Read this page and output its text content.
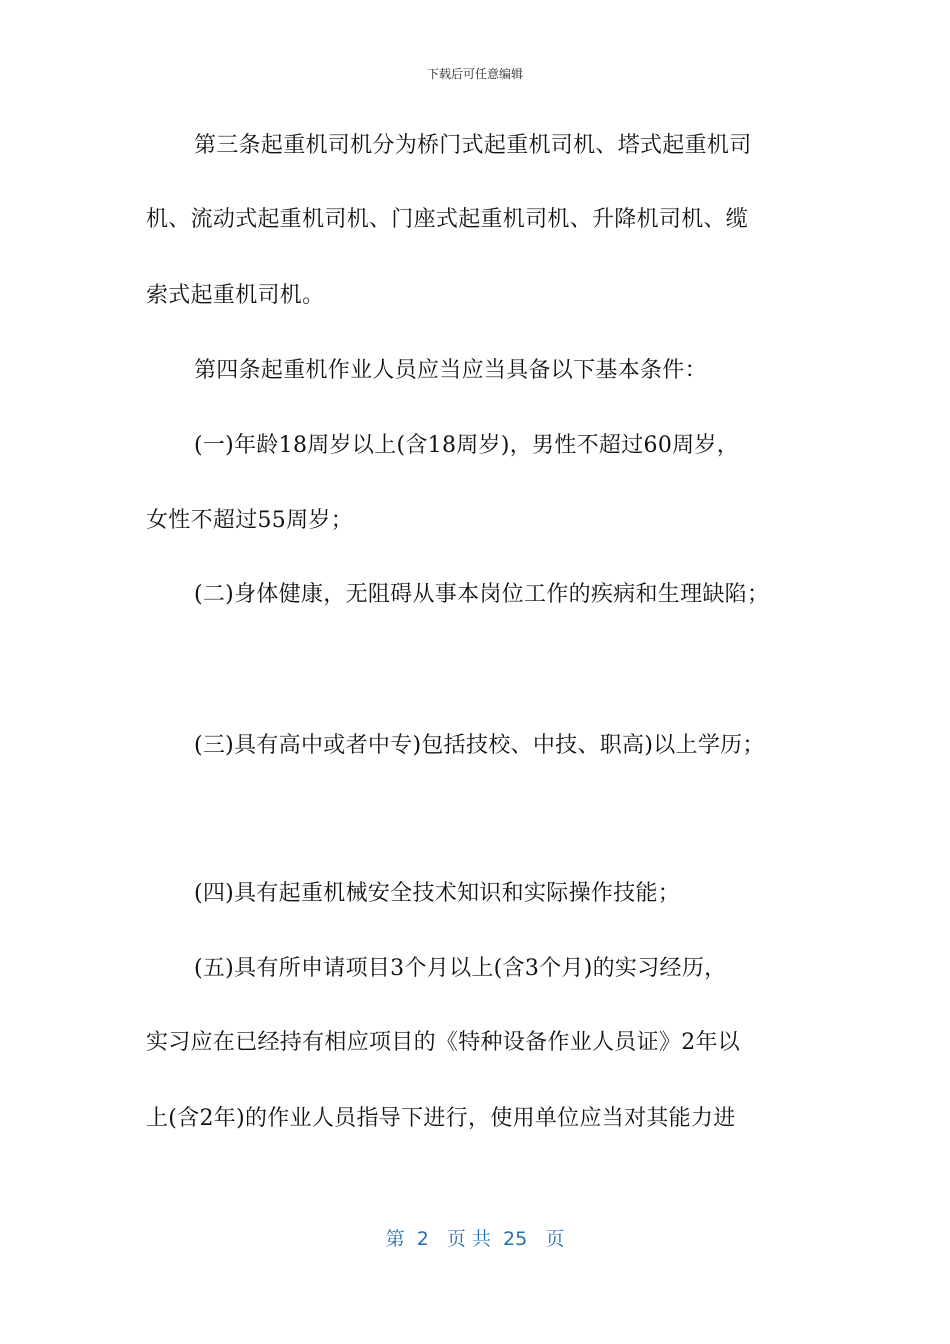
下载后可任意编辑
第三条起重机司机分为桥门式起重机司机、塔式起重机司
机、流动式起重机司机、门座式起重机司机、升降机司机、缆
索式起重机司机。
第四条起重机作业人员应当应当具备以下基本条件：
(一)年龄18周岁以上(含18周岁)，男性不超过60周岁，
女性不超过55周岁；
(二)身体健康，无阻碍从事本岗位工作的疾病和生理缺陷；
(三)具有高中或者中专)包括技校、中技、职高)以上学历；
(四)具有起重机械安全技术知识和实际操作技能；
(五)具有所申请项目3个月以上(含3个月)的实习经历，
实习应在已经持有相应项目的《特种设备作业人员证》2年以
上(含2年)的作业人员指导下进行，使用单位应当对其能力进
第  2   页 共  25   页
